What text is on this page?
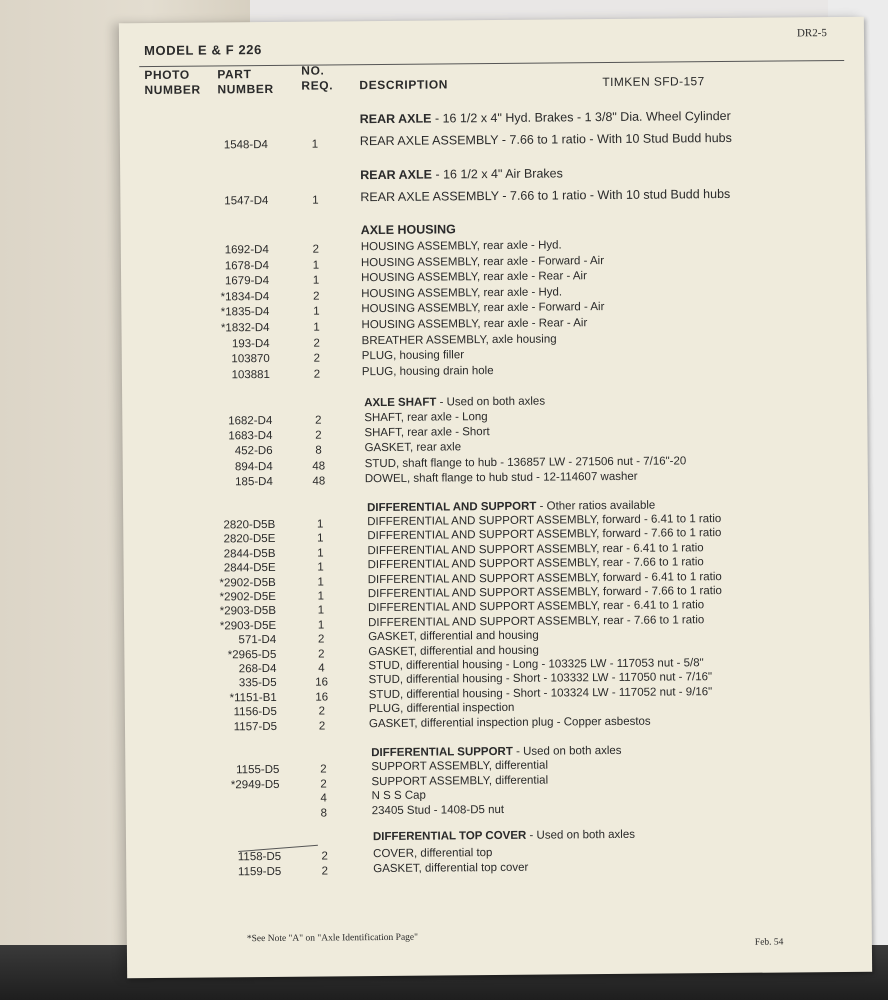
MODEL E & F 226
DR2-5
PHOTO
NUMBER
PART
NUMBER
NO.
REQ. DESCRIPTION	TIMKEN SFD-157
REAR AXLE - 16 1/2 x 4" Hyd. Brakes - 1 3/8" Dia. Wheel Cylinder
1548-D4	1	REAR AXLE ASSEMBLY - 7.66 to 1 ratio - With 10 Stud Budd hubs
REAR AXLE - 16 1/2 x 4" Air Brakes
1547-D4	1	REAR AXLE ASSEMBLY - 7.66 to 1 ratio - With 10 stud Budd hubs
AXLE HOUSING
1692-D4	2	HOUSING ASSEMBLY, rear axle - Hyd.
1678-D4	1	HOUSING ASSEMBLY, rear axle - Forward - Air
1679-D4	1	HOUSING ASSEMBLY, rear axle - Rear - Air
*1834-D4	2	HOUSING ASSEMBLY, rear axle - Hyd.
*1835-D4	1	HOUSING ASSEMBLY, rear axle - Forward - Air
*1832-D4	1	HOUSING ASSEMBLY, rear axle - Rear - Air
193-D4	2	BREATHER ASSEMBLY, axle housing
103870	2	PLUG, housing filler
103881	2	PLUG, housing drain hole
AXLE SHAFT - Used on both axles
1682-D4	2	SHAFT, rear axle - Long
1683-D4	2	SHAFT, rear axle - Short
452-D6	8	GASKET, rear axle
894-D4	48	STUD, shaft flange to hub - 136857 LW - 271506 nut - 7/16"-20
185-D4	48	DOWEL, shaft flange to hub stud - 12-114607 washer
DIFFERENTIAL AND SUPPORT - Other ratios available
2820-D5B	1	DIFFERENTIAL AND SUPPORT ASSEMBLY, forward - 6.41 to 1 ratio
2820-D5E	1	DIFFERENTIAL AND SUPPORT ASSEMBLY, forward - 7.66 to 1 ratio
2844-D5B	1	DIFFERENTIAL AND SUPPORT ASSEMBLY, rear - 6.41 to 1 ratio
2844-D5E	1	DIFFERENTIAL AND SUPPORT ASSEMBLY, rear - 7.66 to 1 ratio
*2902-D5B	1	DIFFERENTIAL AND SUPPORT ASSEMBLY, forward - 6.41 to 1 ratio
*2902-D5E	1	DIFFERENTIAL AND SUPPORT ASSEMBLY, forward - 7.66 to 1 ratio
*2903-D5B	1	DIFFERENTIAL AND SUPPORT ASSEMBLY, rear - 6.41 to 1 ratio
*2903-D5E	1	DIFFERENTIAL AND SUPPORT ASSEMBLY, rear - 7.66 to 1 ratio
571-D4	2	GASKET, differential and housing
*2965-D5	2	GASKET, differential and housing
268-D4	4	STUD, differential housing - Long - 103325 LW - 117053 nut - 5/8"
335-D5	16	STUD, differential housing - Short - 103332 LW - 117050 nut - 7/16"
*1151-B1	16	STUD, differential housing - Short - 103324 LW - 117052 nut - 9/16"
1156-D5	2	PLUG, differential inspection
1157-D5	2	GASKET, differential inspection plug - Copper asbestos
DIFFERENTIAL SUPPORT - Used on both axles
1155-D5	2	SUPPORT ASSEMBLY, differential
*2949-D5	2	SUPPORT ASSEMBLY, differential
4	N S S Cap
8	23405 Stud - 1408-D5 nut
DIFFERENTIAL TOP COVER - Used on both axles
1158-D5	2	COVER, differential top
1159-D5	2	GASKET, differential top cover
*See Note "A" on "Axle Identification Page"	Feb. 54
